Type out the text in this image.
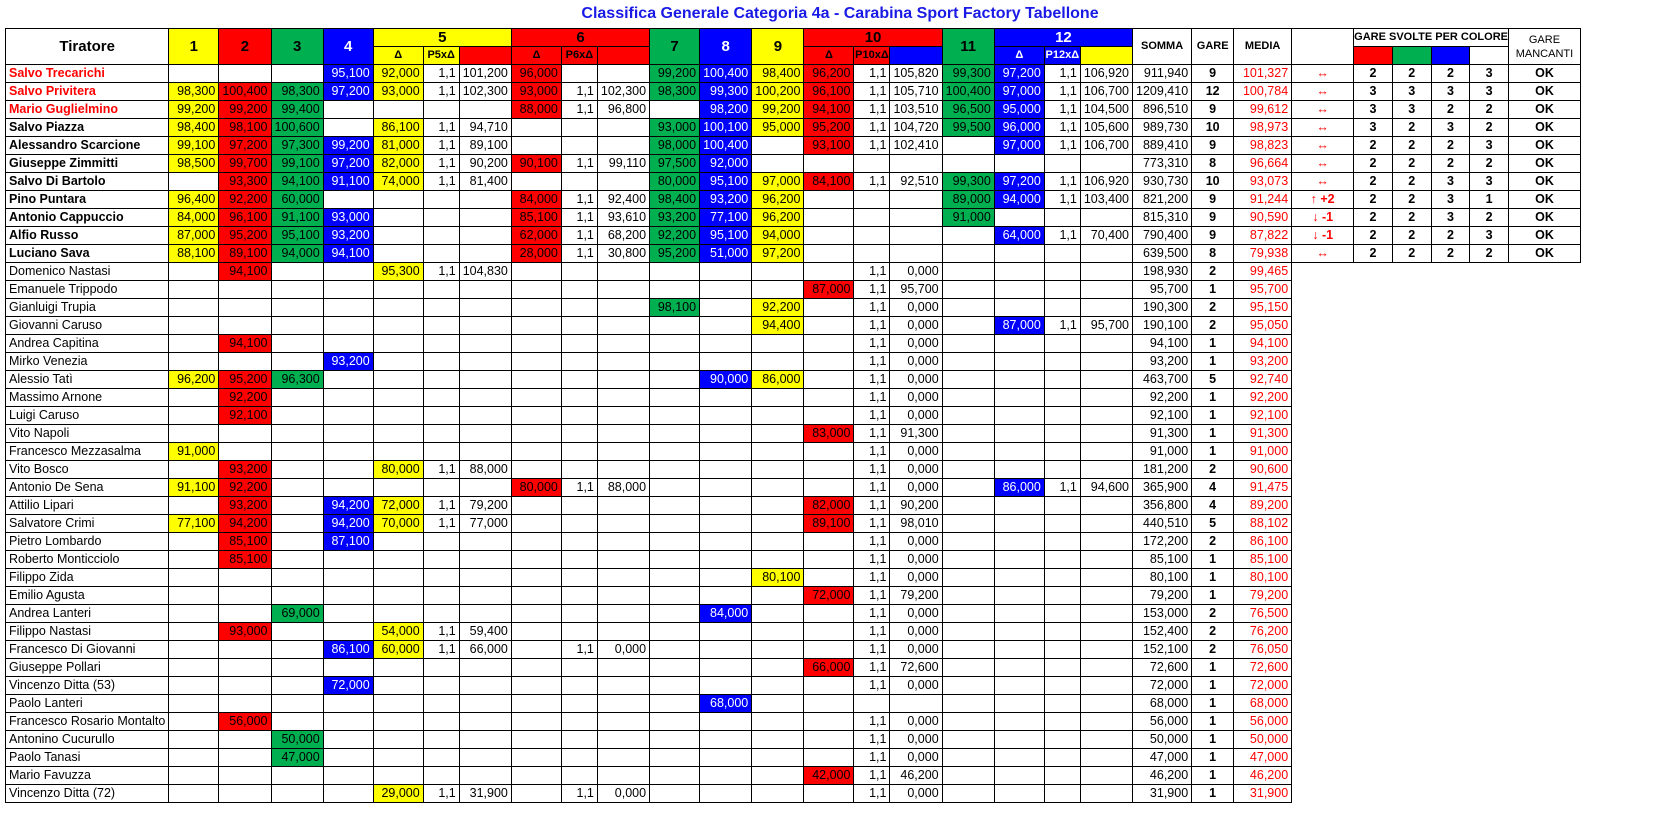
Classifica Generale Categoria 4a - Carabina Sport Factory Tabellone
Tiratore	1	2	3	4	5			6			7	8	9	10			11	12			SOMMA	GARE	MEDIA		GARE SVOLTE PER COLORE				GARE
MANCANTI
					Δ	P5xΔ		Δ	P6xΔ					Δ	P10xΔ			Δ	P12xΔ										
Salvo Trecarichi				95,100	92,000	1,1	101,200	96,000			99,200	100,400	98,400	96,200	1,1	105,820	99,300	97,200	1,1	106,920	911,940	9	101,327	↔	2	2	2	3	OK
Salvo Privitera	98,300	100,400	98,300	97,200	93,000	1,1	102,300	93,000	1,1	102,300	98,300	99,300	100,200	96,100	1,1	105,710	100,400	97,000	1,1	106,700	1209,410	12	100,784	↔	3	3	3	3	OK
Mario Guglielmino	99,200	99,200	99,400					88,000	1,1	96,800		98,200	99,200	94,100	1,1	103,510	96,500	95,000	1,1	104,500	896,510	9	99,612	↔	3	3	2	2	OK
Salvo Piazza	98,400	98,100	100,600		86,100	1,1	94,710				93,000	100,100	95,000	95,200	1,1	104,720	99,500	96,000	1,1	105,600	989,730	10	98,973	↔	3	2	3	2	OK
Alessandro Scarcione	99,100	97,200	97,300	99,200	81,000	1,1	89,100				98,000	100,400		93,100	1,1	102,410		97,000	1,1	106,700	889,410	9	98,823	↔	2	2	2	3	OK
Giuseppe Zimmitti	98,500	99,700	99,100	97,200	82,000	1,1	90,200	90,100	1,1	99,110	97,500	92,000									773,310	8	96,664	↔	2	2	2	2	OK
Salvo Di Bartolo		93,300	94,100	91,100	74,000	1,1	81,400				80,000	95,100	97,000	84,100	1,1	92,510	99,300	97,200	1,1	106,920	930,730	10	93,073	↔	2	2	3	3	OK
Pino Puntara	96,400	92,200	60,000					84,000	1,1	92,400	98,400	93,200	96,200				89,000	94,000	1,1	103,400	821,200	9	91,244	↑ +2	2	2	3	1	OK
Antonio Cappuccio	84,000	96,100	91,100	93,000				85,100	1,1	93,610	93,200	77,100	96,200				91,000				815,310	9	90,590	↓ -1	2	2	3	2	OK
Alfio Russo	87,000	95,200	95,100	93,200				62,000	1,1	68,200	92,200	95,100	94,000					64,000	1,1	70,400	790,400	9	87,822	↓ -1	2	2	2	3	OK
Luciano Sava	88,100	89,100	94,000	94,100				28,000	1,1	30,800	95,200	51,000	97,200								639,500	8	79,938	↔	2	2	2	2	OK
Domenico Nastasi		94,100			95,300	1,1	104,830								1,1	0,000					198,930	2	99,465						
Emanuele Trippodo														87,000	1,1	95,700					95,700	1	95,700						
Gianluigi Trupia											98,100		92,200		1,1	0,000					190,300	2	95,150						
Giovanni Caruso													94,400		1,1	0,000		87,000	1,1	95,700	190,100	2	95,050						
Andrea Capitina		94,100													1,1	0,000					94,100	1	94,100						
Mirko Venezia				93,200											1,1	0,000					93,200	1	93,200						
Alessio Tatì	96,200	95,200	96,300									90,000	86,000		1,1	0,000					463,700	5	92,740						
Massimo Arnone		92,200													1,1	0,000					92,200	1	92,200						
Luigi Caruso		92,100													1,1	0,000					92,100	1	92,100						
Vito Napoli														83,000	1,1	91,300					91,300	1	91,300						
Francesco Mezzasalma	91,000														1,1	0,000					91,000	1	91,000						
Vito Bosco		93,200			80,000	1,1	88,000								1,1	0,000					181,200	2	90,600						
Antonio De Sena	91,100	92,200						80,000	1,1	88,000					1,1	0,000		86,000	1,1	94,600	365,900	4	91,475						
Attilio Lipari		93,200		94,200	72,000	1,1	79,200							82,000	1,1	90,200					356,800	4	89,200						
Salvatore Crimi	77,100	94,200		94,200	70,000	1,1	77,000							89,100	1,1	98,010					440,510	5	88,102						
Pietro Lombardo		85,100		87,100											1,1	0,000					172,200	2	86,100						
Roberto Monticciolo		85,100													1,1	0,000					85,100	1	85,100						
Filippo Zida													80,100		1,1	0,000					80,100	1	80,100						
Emilio Agusta														72,000	1,1	79,200					79,200	1	79,200						
Andrea Lanteri			69,000									84,000			1,1	0,000					153,000	2	76,500						
Filippo Nastasi		93,000			54,000	1,1	59,400								1,1	0,000					152,400	2	76,200						
Francesco Di Giovanni				86,100	60,000	1,1	66,000		1,1	0,000					1,1	0,000					152,100	2	76,050						
Giuseppe Pollari														66,000	1,1	72,600					72,600	1	72,600						
Vincenzo Ditta (53)				72,000											1,1	0,000					72,000	1	72,000						
Paolo Lanteri												68,000									68,000	1	68,000						
Francesco Rosario Montalto		56,000													1,1	0,000					56,000	1	56,000						
Antonino Cucurullo			50,000												1,1	0,000					50,000	1	50,000						
Paolo Tanasi			47,000												1,1	0,000					47,000	1	47,000						
Mario Favuzza														42,000	1,1	46,200					46,200	1	46,200						
Vincenzo Ditta (72)					29,000	1,1	31,900		1,1	0,000					1,1	0,000					31,900	1	31,900						
